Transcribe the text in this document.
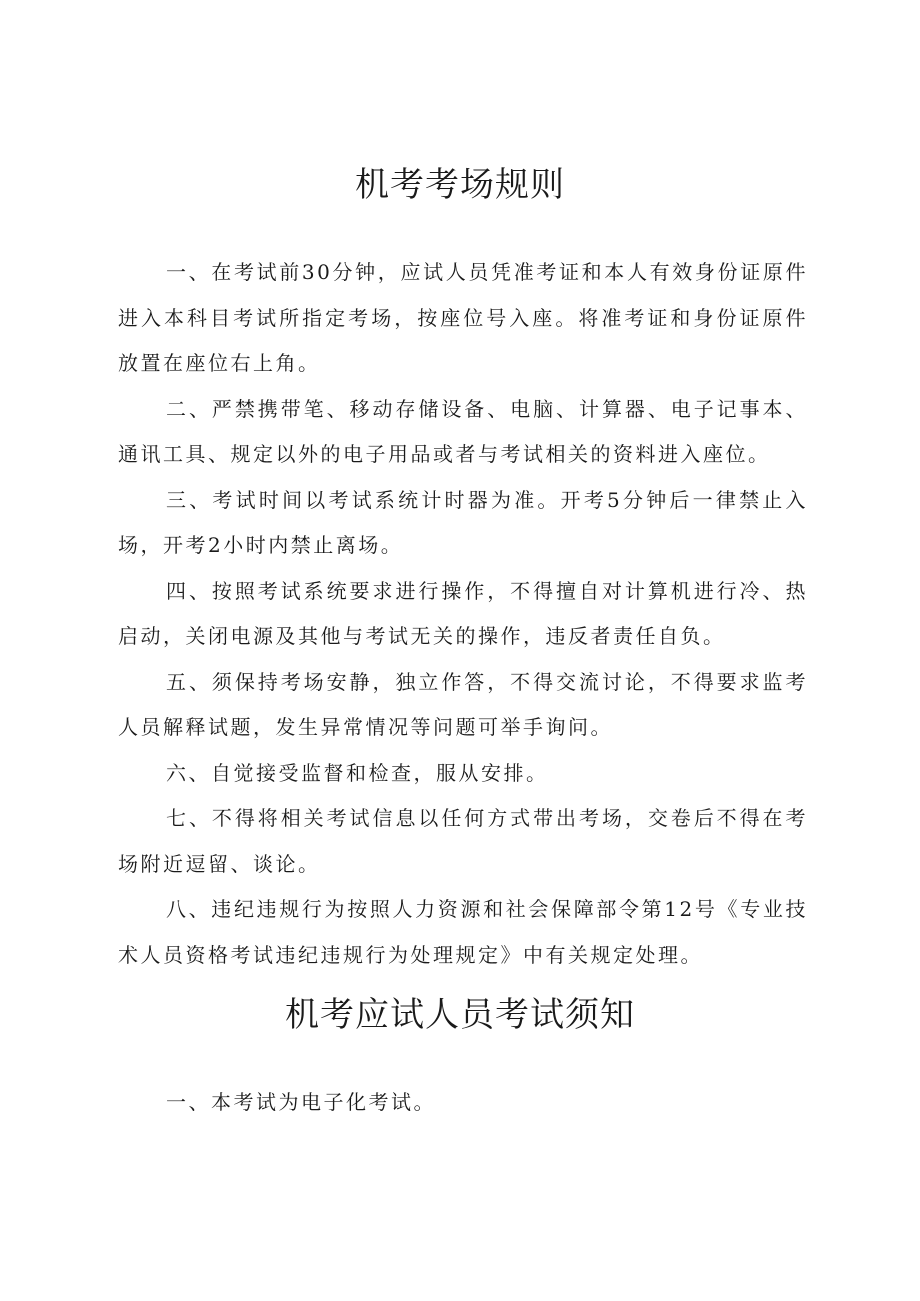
机考考场规则

一、在考试前30分钟，应试人员凭准考证和本人有效身份证原件进入本科目考试所指定考场，按座位号入座。将准考证和身份证原件放置在座位右上角。

二、严禁携带笔、移动存储设备、电脑、计算器、电子记事本、通讯工具、规定以外的电子用品或者与考试相关的资料进入座位。

三、考试时间以考试系统计时器为准。开考5分钟后一律禁止入场，开考2小时内禁止离场。

四、按照考试系统要求进行操作，不得擅自对计算机进行冷、热启动，关闭电源及其他与考试无关的操作，违反者责任自负。

五、须保持考场安静，独立作答，不得交流讨论，不得要求监考人员解释试题，发生异常情况等问题可举手询问。

六、自觉接受监督和检查，服从安排。

七、不得将相关考试信息以任何方式带出考场，交卷后不得在考场附近逗留、谈论。

八、违纪违规行为按照人力资源和社会保障部令第12号《专业技术人员资格考试违纪违规行为处理规定》中有关规定处理。

机考应试人员考试须知

一、本考试为电子化考试。
